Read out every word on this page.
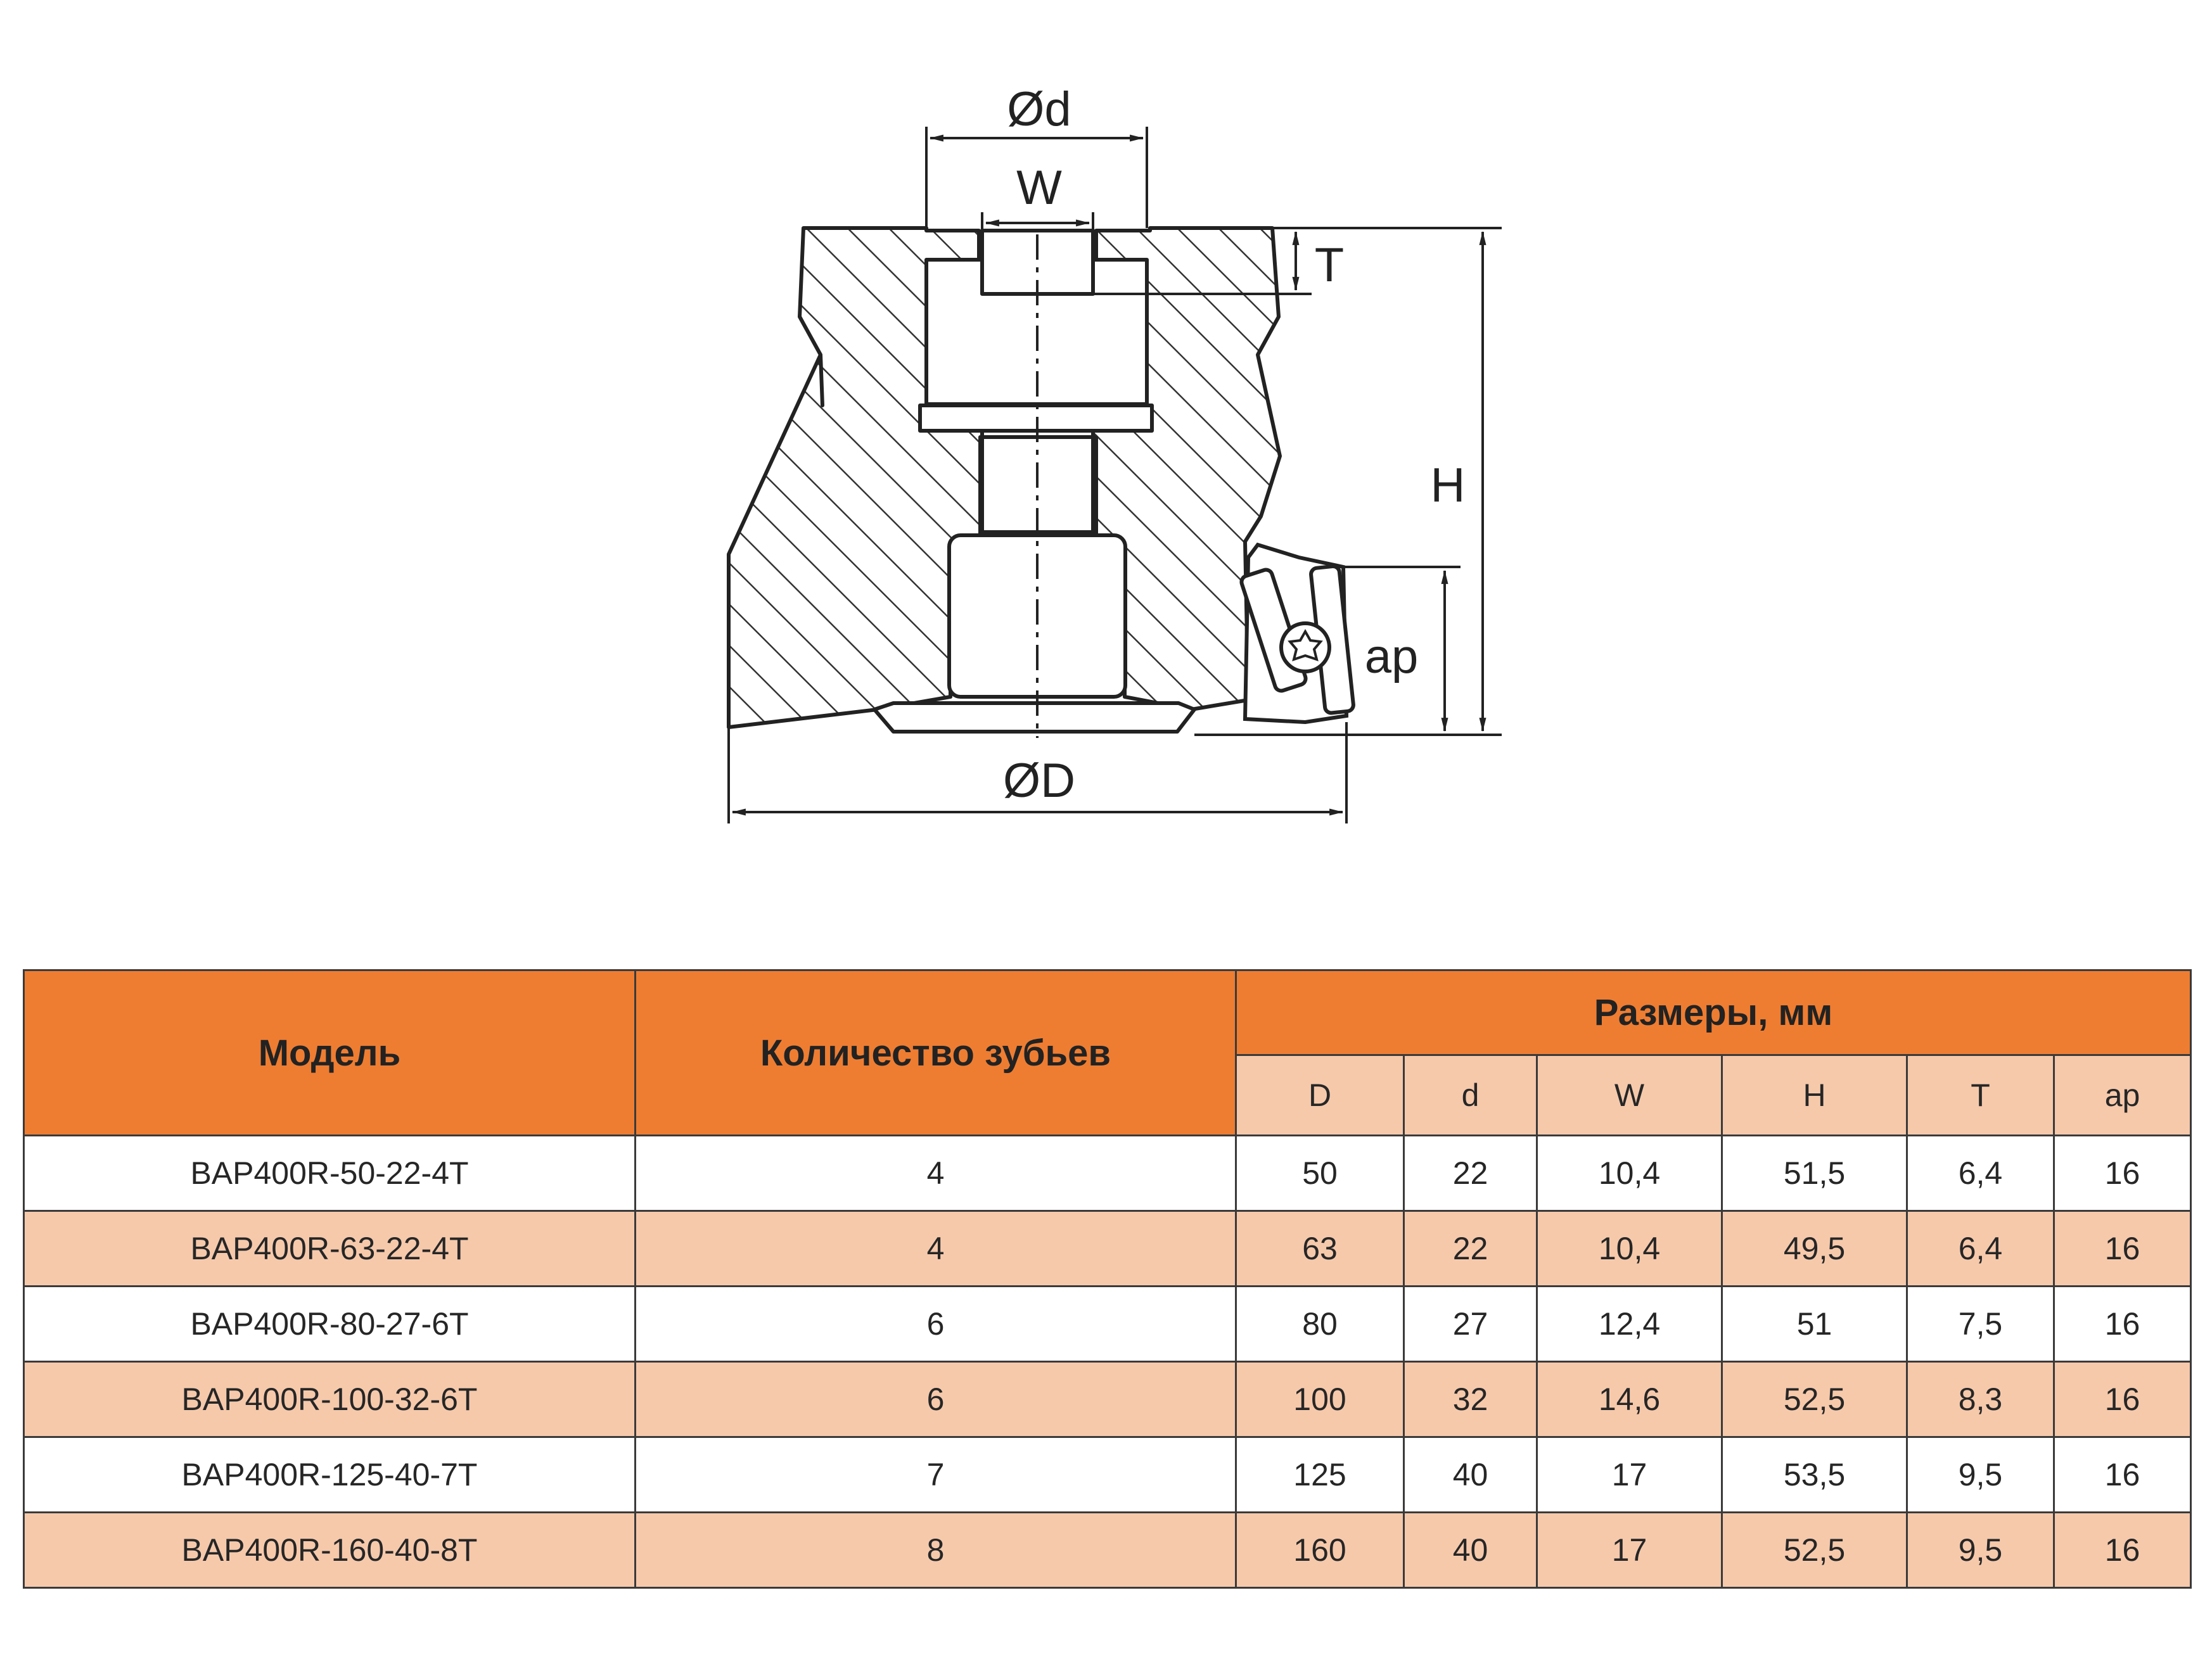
Ød
W
T
H
ap
ØD
Модель	Количество зубьев	Размеры, мм					
		D	d	W	H	T	ap
BAP400R-50-22-4T	4	50	22	10,4	51,5	6,4	16
BAP400R-63-22-4T	4	63	22	10,4	49,5	6,4	16
BAP400R-80-27-6T	6	80	27	12,4	51	7,5	16
BAP400R-100-32-6T	6	100	32	14,6	52,5	8,3	16
BAP400R-125-40-7T	7	125	40	17	53,5	9,5	16
BAP400R-160-40-8T	8	160	40	17	52,5	9,5	16
